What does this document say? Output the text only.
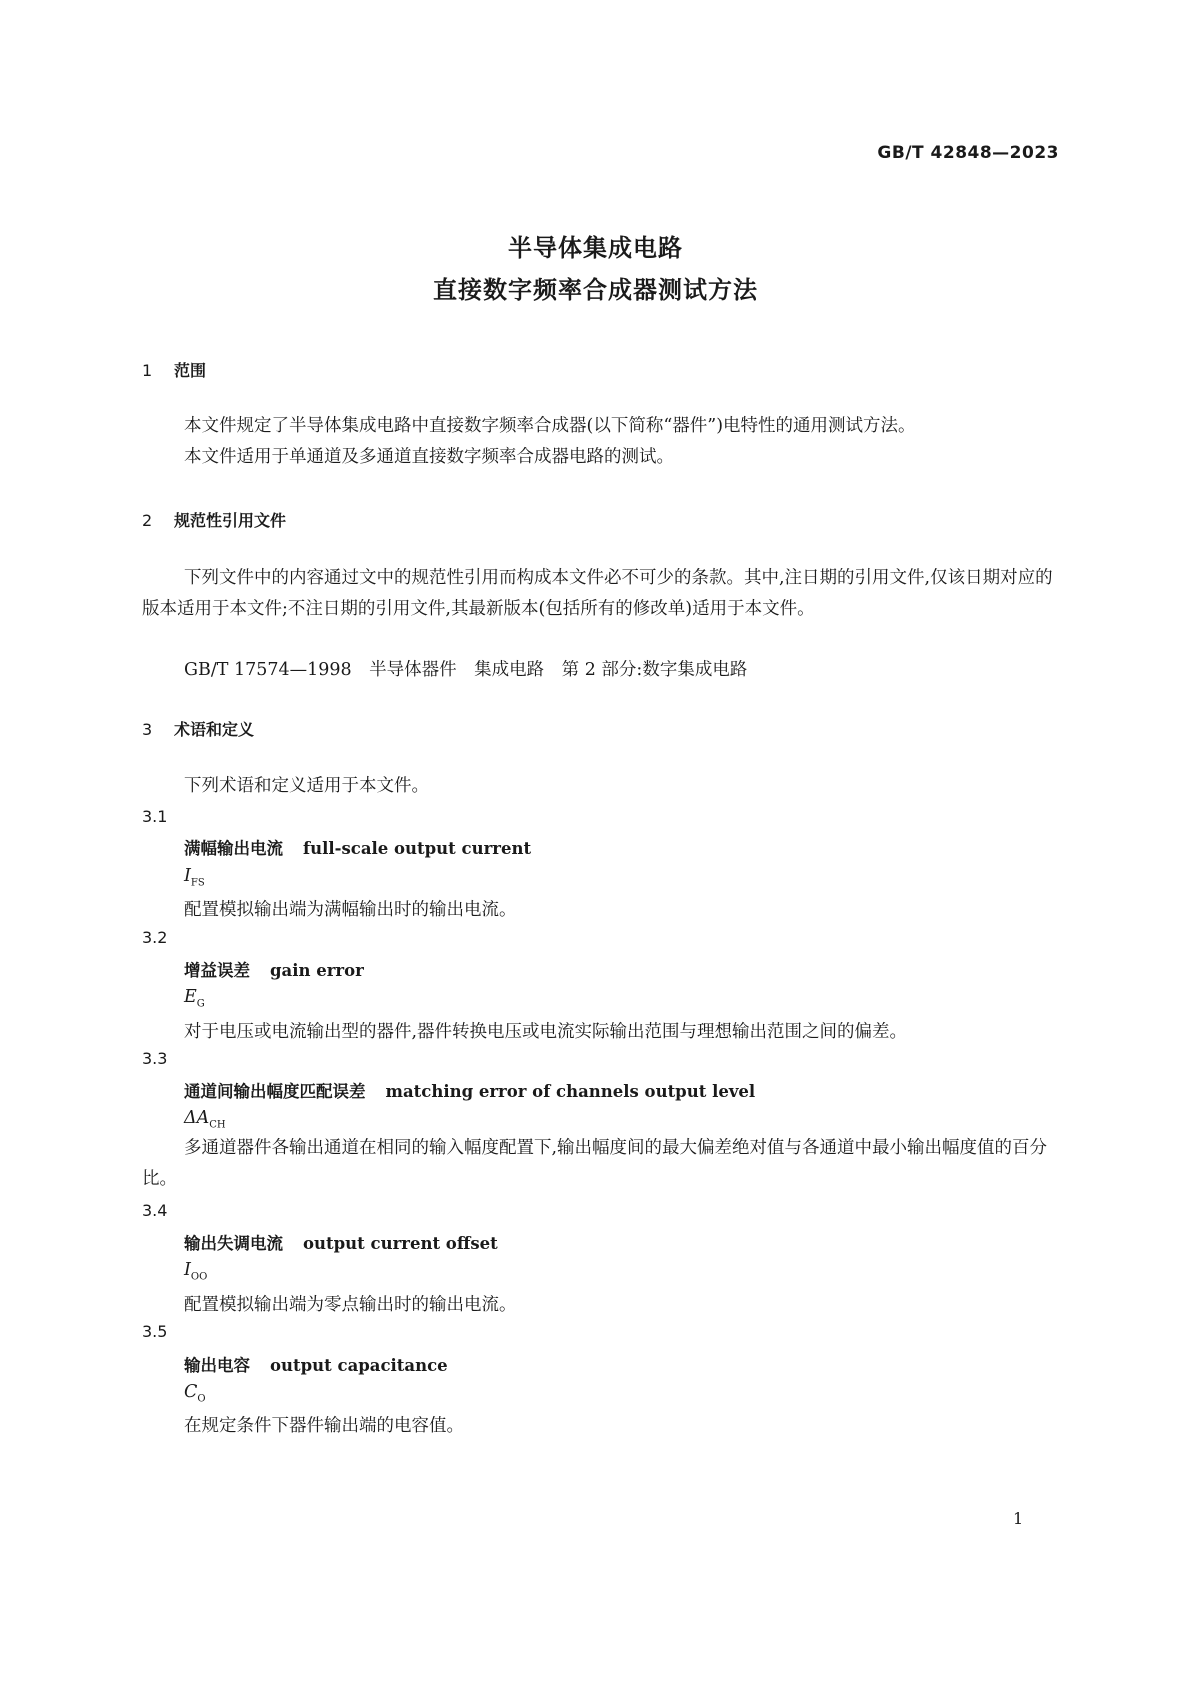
GB/T 42848—2023
半导体集成电路
直接数字频率合成器测试方法
1 范围
本文件规定了半导体集成电路中直接数字频率合成器(以下简称“器件”)电特性的通用测试方法。
本文件适用于单通道及多通道直接数字频率合成器电路的测试。
2 规范性引用文件
下列文件中的内容通过文中的规范性引用而构成本文件必不可少的条款。其中,注日期的引用文件,仅该日期对应的版本适用于本文件;不注日期的引用文件,其最新版本(包括所有的修改单)适用于本文件。
GB/T 17574—1998　半导体器件　集成电路　第 2 部分:数字集成电路
3 术语和定义
下列术语和定义适用于本文件。
3.1
满幅输出电流 full-scale output current
$I_{FS}$
配置模拟输出端为满幅输出时的输出电流。
3.2
增益误差 gain error
$E_G$
对于电压或电流输出型的器件,器件转换电压或电流实际输出范围与理想输出范围之间的偏差。
3.3
通道间输出幅度匹配误差 matching error of channels output level
$\Delta A_{CH}$
多通道器件各输出通道在相同的输入幅度配置下,输出幅度间的最大偏差绝对值与各通道中最小输出幅度值的百分比。
3.4
输出失调电流 output current offset
$I_{OO}$
配置模拟输出端为零点输出时的输出电流。
3.5
输出电容 output capacitance
$C_O$
在规定条件下器件输出端的电容值。
1
